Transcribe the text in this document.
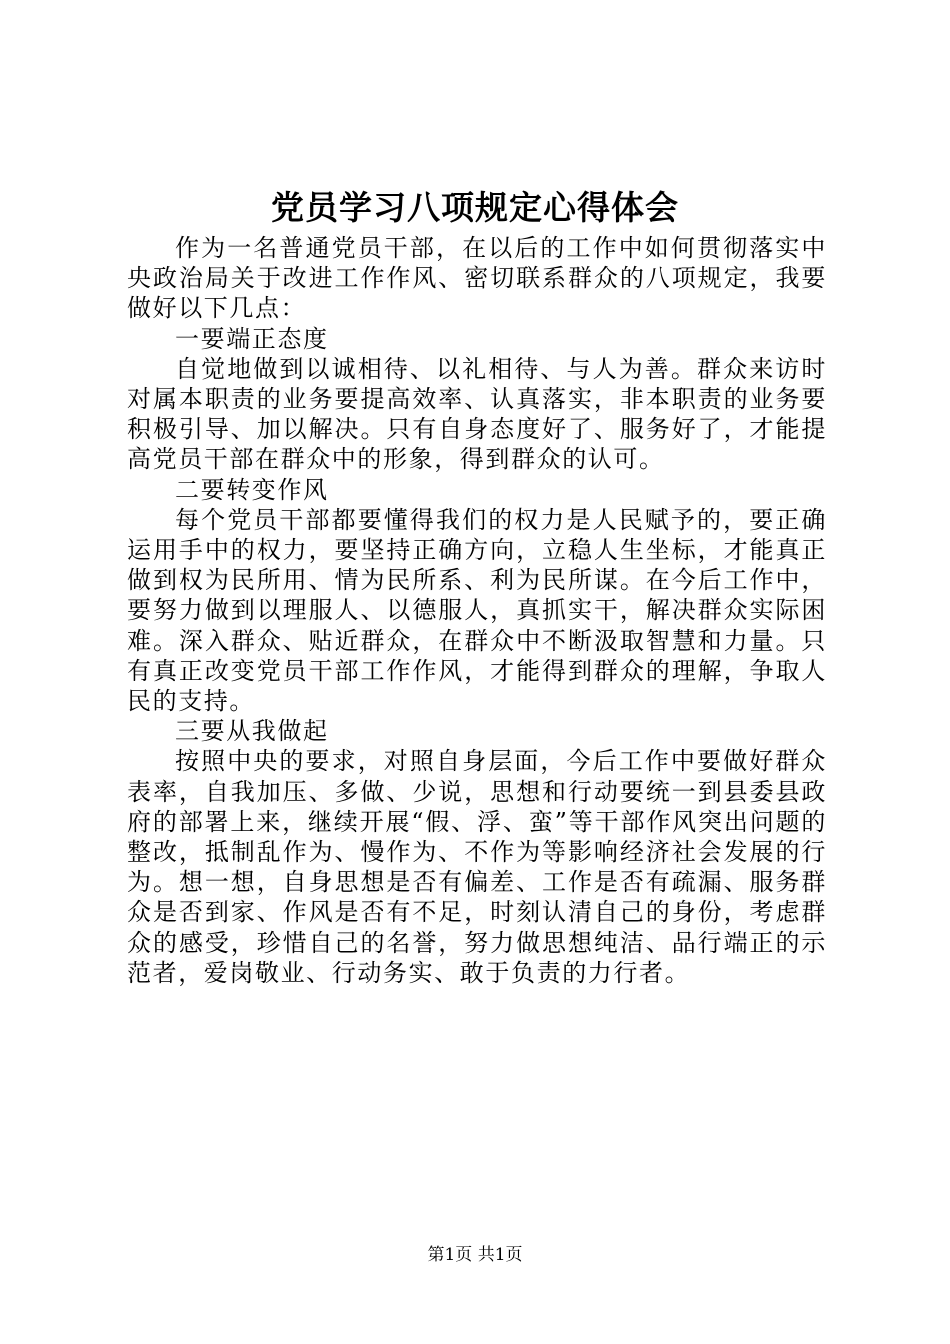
党员学习八项规定心得体会

作为一名普通党员干部，在以后的工作中如何贯彻落实中央政治局关于改进工作作风、密切联系群众的八项规定，我要做好以下几点：

一要端正态度

自觉地做到以诚相待、以礼相待、与人为善。群众来访时对属本职责的业务要提高效率、认真落实，非本职责的业务要积极引导、加以解决。只有自身态度好了、服务好了，才能提高党员干部在群众中的形象，得到群众的认可。

二要转变作风

每个党员干部都要懂得我们的权力是人民赋予的，要正确运用手中的权力，要坚持正确方向，立稳人生坐标，才能真正做到权为民所用、情为民所系、利为民所谋。在今后工作中，要努力做到以理服人、以德服人，真抓实干，解决群众实际困难。深入群众、贴近群众，在群众中不断汲取智慧和力量。只有真正改变党员干部工作作风，才能得到群众的理解，争取人民的支持。

三要从我做起

按照中央的要求，对照自身层面，今后工作中要做好群众表率，自我加压、多做、少说，思想和行动要统一到县委县政府的部署上来，继续开展“假、浮、蛮”等干部作风突出问题的整改，抵制乱作为、慢作为、不作为等影响经济社会发展的行为。想一想，自身思想是否有偏差、工作是否有疏漏、服务群众是否到家、作风是否有不足，时刻认清自己的身份，考虑群众的感受，珍惜自己的名誉，努力做思想纯洁、品行端正的示范者，爱岗敬业、行动务实、敢于负责的力行者。

第1页 共1页
